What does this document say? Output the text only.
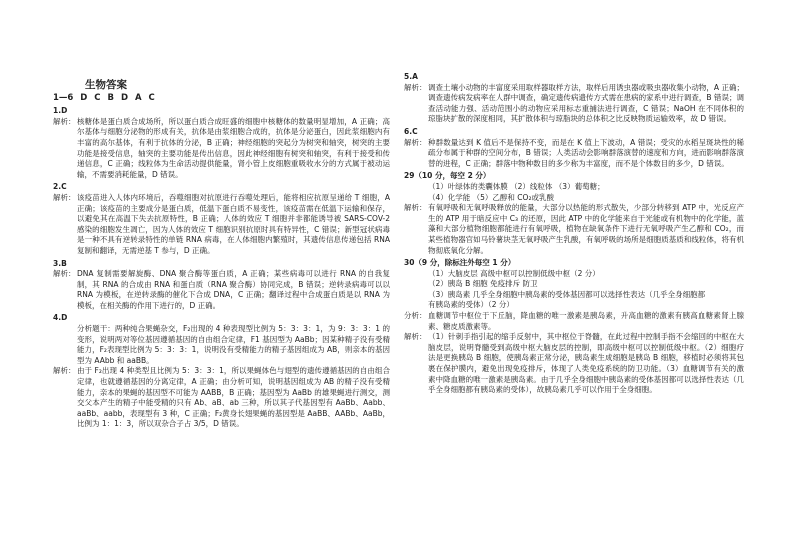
生物答案
1—6 D C B D A C
1.D
解析： 核糖体是蛋白质合成场所，所以蛋白质合成旺盛的细胞中核糖体的数量明显增加，A 正确；高尔基体与细胞分泌物的形成有关，抗体是由浆细胞合成的，抗体是分泌蛋白，因此浆细胞内有丰富的高尔基体，有利于抗体的分泌，B 正确；神经细胞的突起分为树突和轴突，树突的主要功能是接受信息，轴突的主要功能是传出信息，因此神经细胞有树突和轴突，有利于接受和传递信息，C 正确；线粒体为生命活动提供能量，肾小管上皮细胞重吸收水分的方式属于被动运输，不需要消耗能量，D 错误。
2.C
解析： 该疫苗进入人体内环境后，吞噬细胞对抗原进行吞噬处理后，能将相应抗原呈递给 T 细胞，A 正确；该疫苗的主要成分是蛋白质，低温下蛋白质不易变性，该疫苗需在低温下运输和保存，以避免其在高温下失去抗原特性，B 正确；人体的效应 T 细胞并非都能诱导被 SARS-COV-2 感染的细胞发生凋亡，因为人体的效应 T 细胞识别抗原时具有特异性，C 错误；新型冠状病毒是一种不具有逆转录特性的单链 RNA 病毒，在人体细胞内繁殖时，其遗传信息传递包括 RNA 复制和翻译，无需逆基 T 参与，D 正确。
3.B
解析： DNA 复制需要解旋酶、DNA 聚合酶等蛋白质，A 正确；某些病毒可以进行 RNA 的自我复制，其 RNA 的合成由 RNA 和蛋白质（RNA 聚合酶）协同完成，B 错误；逆转录病毒可以以 RNA 为模板，在逆转录酶的催化下合成 DNA，C 正确；翻译过程中合成蛋白质是以 RNA 为模板，在相关酶的作用下进行的，D 正确。
4.D
分析题干：两种纯合果蝇杂交，F₂出现的 4 种表现型比例为 5：3：3：1，为 9：3：3：1 的变形，说明两对等位基因遵循基因的自由组合定律，F1 基因型为 AaBb；因某种精子没有受精能力，F₂表现型比例为 5：3：3：1，说明没有受精能力的精子基因组成为 AB，则亲本的基因型为 AAbb 和 aaBB。
解析： 由于 F₂出现 4 种类型且比例为 5：3：3：1，所以果蝇体色与翅型的遗传遵循基因的自由组合定律，也就遵循基因的分离定律，A 正确；由分析可知，说明基因组成为 AB 的精子没有受精能力，亲本的果蝇的基因型不可能为 AABB，B 正确；基因型为 AaBb 的雄果蝇进行测交，测交父本产生的精子中能受精的只有 Ab、aB、ab 三种，所以其子代基因型有 AaBb、Aabb、aaBb、aabb，表现型有 3 种，C 正确；F₂黄身长翅果蝇的基因型是 AaBB、AABb、AaBb，比例为 1：1：3，所以双杂合子占 3/5，D 错误。
5.A
解析： 调查土壤小动物的丰富度采用取样器取样方法，取样后用诱虫器或吸虫器收集小动物，A 正确；调查遗传病发病率在人群中调查，确定遗传病遗传方式需在患病的家系中进行调查，B 错误；调查活动能力强、活动范围小的动物应采用标志重捕法进行调查，C 错误；NaOH 在不同体积的琼脂块扩散的深度相同，其扩散体积与琼脂块的总体积之比反映物质运输效率，故 D 错误。
6.C
解析： 种群数量达到 K 值后不是保持不变，而是在 K 值上下波动，A 错误；受灾的水稻呈斑块性的稀疏分布属于种群的空间分布，B 错误；人类活动会影响群落演替的速度和方向，进而影响群落演替的进程，C 正确；群落中物种数目的多少称为丰富度，而不是个体数目的多少，D 错误。
29（10 分，每空 2 分）
（1）叶绿体的类囊体膜 （2）线粒体 （3）葡萄糖；
（4）化学能 （5）乙醇和 CO₂或乳酸
解析： 有氧呼吸和无氧呼吸释放的能量，大部分以热能的形式散失，少部分转移到 ATP 中，光反应产生的 ATP 用于暗反应中 C₃ 的还原，因此 ATP 中的化学能来自于光能或有机物中的化学能，蓝藻和大部分植物细胞都能进行有氧呼吸，植物在缺氧条件下进行无氧呼吸产生乙醇和 CO₂，而某些植物器官如马铃薯块茎无氧呼吸产生乳酸，有氧呼吸的场所是细胞质基质和线粒体，将有机物彻底氧化分解。
30（9 分，除标注外每空 1 分）
（1）大脑皮层 高级中枢可以控制低级中枢（2 分）
（2）胰岛 B 细胞 免疫排斥 防卫
（3）胰岛素 几乎全身细胞中胰岛素的受体基因都可以选择性表达（几乎全身细胞都
有胰岛素的受体）（2 分）
分析： 血糖调节中枢位于下丘脑，降血糖的唯一激素是胰岛素，升高血糖的激素有胰高血糖素肾上腺素、糖皮质激素等。
解析： （1）针刺手指引起的缩手反射中，其中枢位于脊髓，在此过程中控制手指不会缩回的中枢在大脑皮层，说明脊髓受到高级中枢大脑皮层的控制，即高级中枢可以控制低级中枢。（2）细胞疗法是更换胰岛 B 细胞，使胰岛素正常分泌，胰岛素生成细胞是胰岛 B 细胞，移植时必须将其包裹在保护膜内，避免出现免疫排斥，体现了人类免疫系统的防卫功能。（3）血糖调节有关的激素中降血糖的唯一激素是胰岛素。由于几乎全身细胞中胰岛素的受体基因都可以选择性表达（几乎全身细胞都有胰岛素的受体），故胰岛素几乎可以作用于全身细胞。
